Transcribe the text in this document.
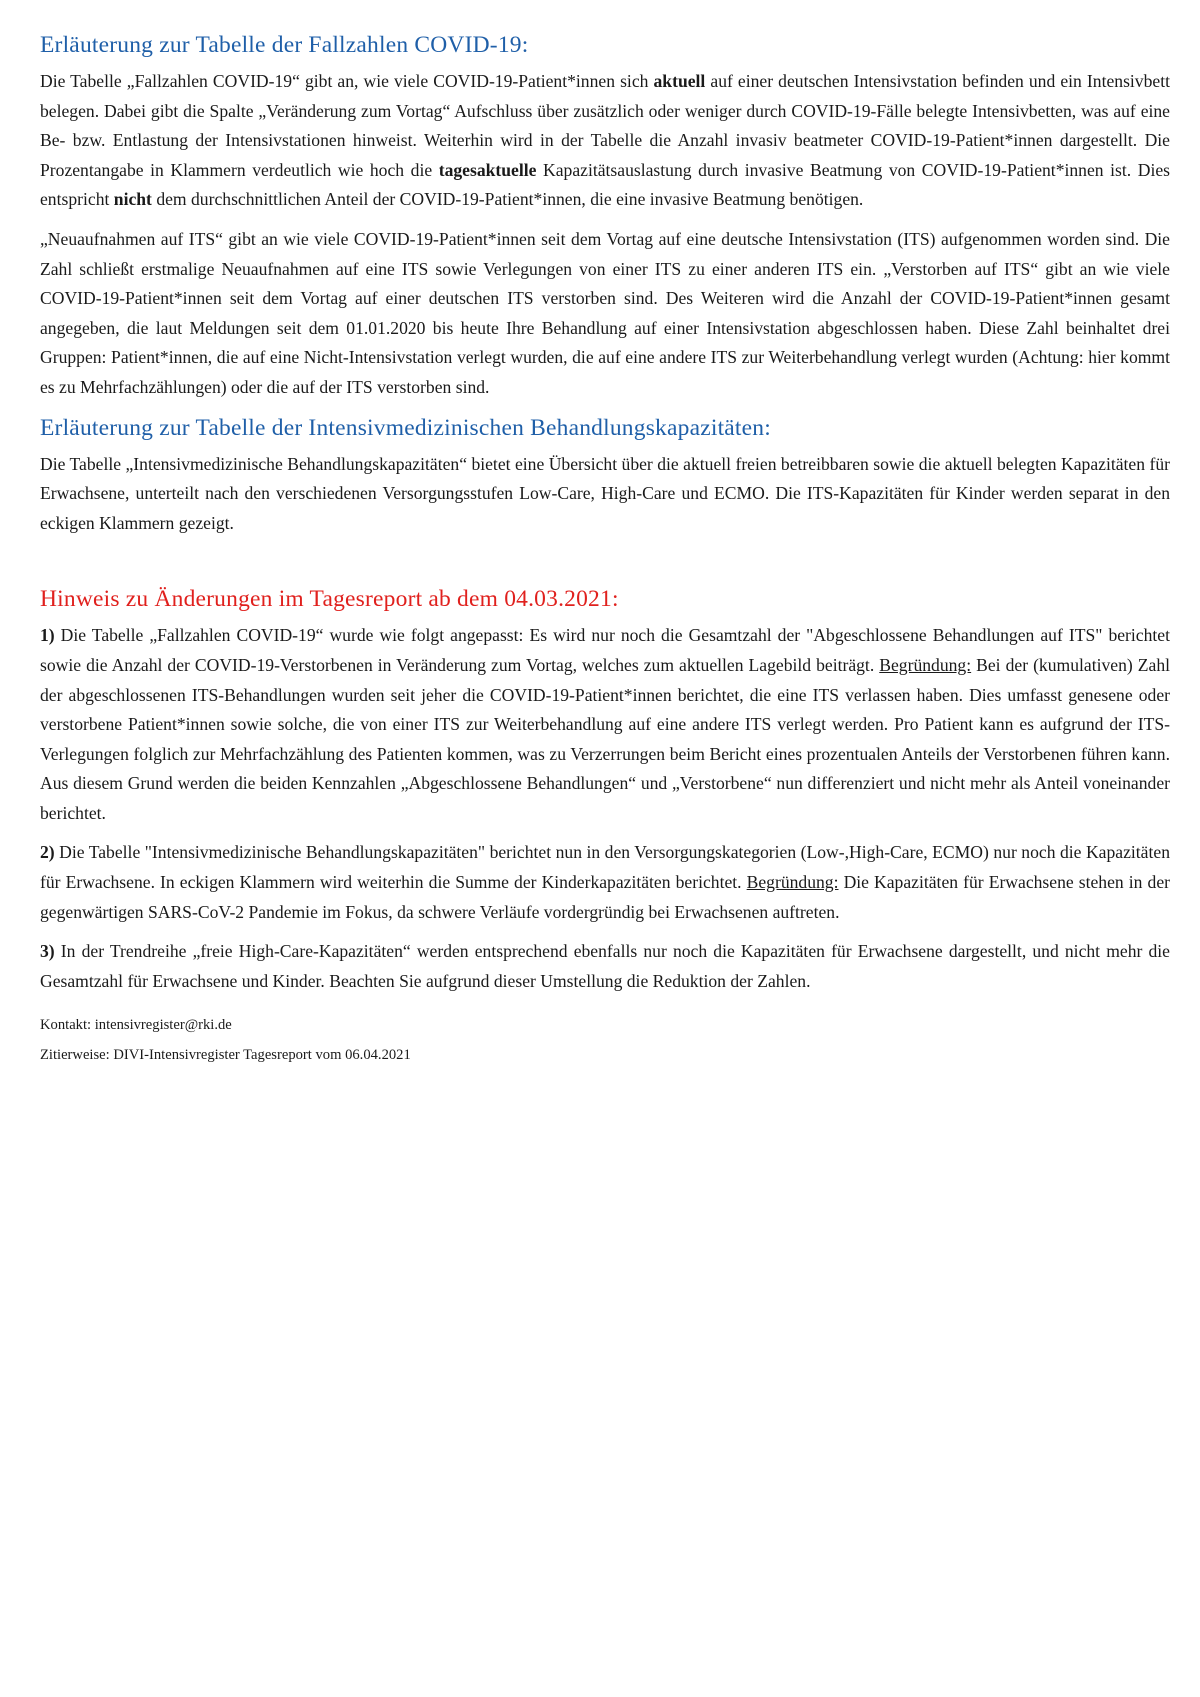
Erläuterung zur Tabelle der Fallzahlen COVID-19:

Die Tabelle „Fallzahlen COVID-19“ gibt an, wie viele COVID-19-Patient*innen sich aktuell auf einer deutschen Intensivstation befinden und ein Intensivbett belegen. Dabei gibt die Spalte „Veränderung zum Vortag“ Aufschluss über zusätzlich oder weniger durch COVID-19-Fälle belegte Intensivbetten, was auf eine Be- bzw. Entlastung der Intensivstationen hinweist. Weiterhin wird in der Tabelle die Anzahl invasiv beatmeter COVID-19-Patient*innen dargestellt. Die Prozentangabe in Klammern verdeutlich wie hoch die tagesaktuelle Kapazitätsauslastung durch invasive Beatmung von COVID-19-Patient*innen ist. Dies entspricht nicht dem durchschnittlichen Anteil der COVID-19-Patient*innen, die eine invasive Beatmung benötigen.

„Neuaufnahmen auf ITS“ gibt an wie viele COVID-19-Patient*innen seit dem Vortag auf eine deutsche Intensivstation (ITS) aufgenommen worden sind. Die Zahl schließt erstmalige Neuaufnahmen auf eine ITS sowie Verlegungen von einer ITS zu einer anderen ITS ein. „Verstorben auf ITS“ gibt an wie viele COVID-19-Patient*innen seit dem Vortag auf einer deutschen ITS verstorben sind. Des Weiteren wird die Anzahl der COVID-19-Patient*innen gesamt angegeben, die laut Meldungen seit dem 01.01.2020 bis heute Ihre Behandlung auf einer Intensivstation abgeschlossen haben. Diese Zahl beinhaltet drei Gruppen: Patient*innen, die auf eine Nicht-Intensivstation verlegt wurden, die auf eine andere ITS zur Weiterbehandlung verlegt wurden (Achtung: hier kommt es zu Mehrfachzählungen) oder die auf der ITS verstorben sind.

Erläuterung zur Tabelle der Intensivmedizinischen Behandlungskapazitäten:

Die Tabelle „Intensivmedizinische Behandlungskapazitäten“ bietet eine Übersicht über die aktuell freien betreibbaren sowie die aktuell belegten Kapazitäten für Erwachsene, unterteilt nach den verschiedenen Versorgungsstufen Low-Care, High-Care und ECMO. Die ITS-Kapazitäten für Kinder werden separat in den eckigen Klammern gezeigt.

Hinweis zu Änderungen im Tagesreport ab dem 04.03.2021:

1) Die Tabelle „Fallzahlen COVID-19“ wurde wie folgt angepasst: Es wird nur noch die Gesamtzahl der "Abgeschlossene Behandlungen auf ITS" berichtet sowie die Anzahl der COVID-19-Verstorbenen in Veränderung zum Vortag, welches zum aktuellen Lagebild beiträgt. Begründung: Bei der (kumulativen) Zahl der abgeschlossenen ITS-Behandlungen wurden seit jeher die COVID-19-Patient*innen berichtet, die eine ITS verlassen haben. Dies umfasst genesene oder verstorbene Patient*innen sowie solche, die von einer ITS zur Weiterbehandlung auf eine andere ITS verlegt werden. Pro Patient kann es aufgrund der ITS-Verlegungen folglich zur Mehrfachzählung des Patienten kommen, was zu Verzerrungen beim Bericht eines prozentualen Anteils der Verstorbenen führen kann. Aus diesem Grund werden die beiden Kennzahlen „Abgeschlossene Behandlungen“ und „Verstorbene“ nun differenziert und nicht mehr als Anteil voneinander berichtet.

2) Die Tabelle "Intensivmedizinische Behandlungskapazitäten" berichtet nun in den Versorgungskategorien (Low-,High-Care, ECMO) nur noch die Kapazitäten für Erwachsene. In eckigen Klammern wird weiterhin die Summe der Kinderkapazitäten berichtet. Begründung: Die Kapazitäten für Erwachsene stehen in der gegenwärtigen SARS-CoV-2 Pandemie im Fokus, da schwere Verläufe vordergründig bei Erwachsenen auftreten.

3) In der Trendreihe „freie High-Care-Kapazitäten“ werden entsprechend ebenfalls nur noch die Kapazitäten für Erwachsene dargestellt, und nicht mehr die Gesamtzahl für Erwachsene und Kinder. Beachten Sie aufgrund dieser Umstellung die Reduktion der Zahlen.

Kontakt: intensivregister@rki.de

Zitierweise: DIVI-Intensivregister Tagesreport vom 06.04.2021
